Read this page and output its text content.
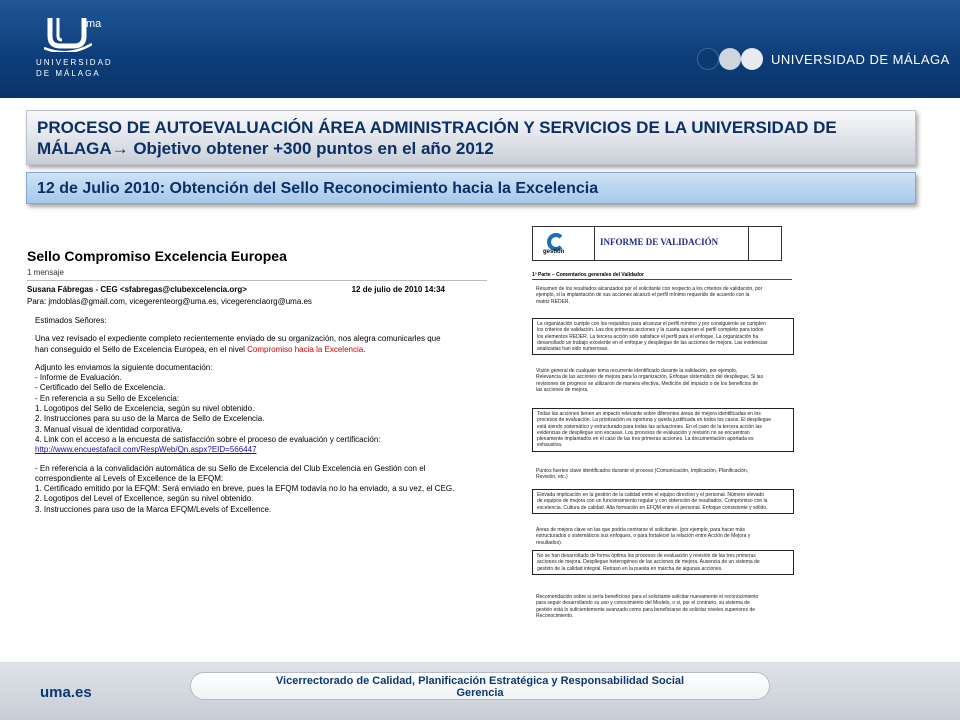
ma
UNIVERSIDAD
DE MÁLAGA
UNIVERSIDAD DE MÁLAGA
PROCESO DE AUTOEVALUACIÓN ÁREA ADMINISTRACIÓN Y SERVICIOS DE LA UNIVERSIDAD DE MÁLAGA→ Objetivo obtener +300 puntos en el año 2012
12 de Julio 2010: Obtención del Sello Reconocimiento hacia la Excelencia
Sello Compromiso Excelencia Europea
1 mensaje
Susana Fábregas - CEG <sfabregas@clubexcelencia.org>	12 de julio de 2010 14:34
Para: jmdoblas@gmail.com, vicegerenteorg@uma.es, vicegerenciaorg@uma.es
Estimados Señores:
Una vez revisado el expediente completo recientemente enviado de su organización, nos alegra comunicarles que han conseguido el Sello de Excelencia Europea, en el nivel Compromiso hacia la Excelencia.
Adjunto les enviamos la siguiente documentación:
- Informe de Evaluación.
- Certificado del Sello de Excelencia.
- En referencia a su Sello de Excelencia:
1. Logotipos del Sello de Excelencia, según su nivel obtenido.
2. Instrucciones para su uso de la Marca de Sello de Excelencia.
3. Manual visual de identidad corporativa.
4. Link con el acceso a la encuesta de satisfacción sobre el proceso de evaluación y certificación:
http://www.encuestafacil.com/RespWeb/Qn.aspx?EID=566447
- En referencia a la convalidación automática de su Sello de Excelencia del Club Excelencia en Gestión con el correspondiente al Levels of Excellence de la EFQM:
1. Certificado emitido por la EFQM: Será enviado en breve, pues la EFQM todavía no lo ha enviado, a su vez, el CEG.
2. Logotipos del Level of Excellence, según su nivel obtenido.
3. Instrucciones para uso de la Marca EFQM/Levels of Excellence.
gestión
INFORME DE VALIDACIÓN
1ª Parte – Comentarios generales del Validador
Resumen de los resultados alcanzados por el solicitante con respecto a los criterios de validación, por
ejemplo, si la implantación de sus acciones alcanzó el perfil mínimo requerido de acuerdo con la
matriz REDER.
La organización cumple con los requisitos para alcanzar el perfil mínimo y por consiguiente se cumplen
los criterios de validación. Las dos primeras acciones y la cuarta superan el perfil completo para todos
los elementos REDER. La tercera acción sólo satisface el perfil para el enfoque. La organización ha
desarrollado un trabajo excelente en el enfoque y despliegue de las acciones de mejora. Las evidencias
analizadas han sido numerosas.
Visión general de cualquier tema recurrente identificado durante la validación, por ejemplo,
Relevancia de las acciones de mejora para la organización, Enfoque sistemático del despliegue, Si las
revisiones de progreso se utilizaron de manera efectiva, Medición del impacto o de los beneficios de
las acciones de mejora.
Todas las acciones tienen un impacto relevante sobre diferentes áreas de mejora identificadas en los
procesos de evaluación. La priorización es oportuna y queda justificada en todos los casos. El despliegue
está siendo sistemático y estructurado para todas las actuaciones. En el caso de la tercera acción las
evidencias de despliegue son escasas. Los procesos de evaluación y revisión no se encuentran
plenamente implantados en el caso de las tres primeras acciones. La documentación aportada es
exhaustiva.
Puntos fuertes clave identificados durante el proceso (Comunicación, Implicación, Planificación,
Revisión, etc.)
Elevada implicación en la gestión de la calidad entre el equipo directivo y el personal. Número elevado
de equipos de mejora con un funcionamiento regular y con obtención de resultados. Compromiso con la
excelencia. Cultura de calidad. Alta formación en EFQM entre el personal. Enfoque consistente y sólido.
Áreas de mejora clave en las que podría centrarse el solicitante. (por ejemplo, para hacer más
estructurados o sistemáticos sus enfoques, o para fortalecer la relación entre Acción de Mejora y
resultados).
No se han desarrollado de forma óptima los procesos de evaluación y revisión de las tres primeras
acciones de mejora. Despliegue heterogéneo de las acciones de mejora. Ausencia de un sistema de
gestión de la calidad integral. Retraso en la puesta en marcha de algunas acciones.
Recomendación sobre si sería beneficioso para el solicitante solicitar nuevamente el reconocimiento
para seguir desarrollando su uso y conocimiento del Modelo, o si, por el contrario, su sistema de
gestión está lo suficientemente avanzado como para beneficiarse de solicitar niveles superiores de
Reconocimiento.
uma.es
Vicerrectorado de Calidad, Planificación Estratégica y Responsabilidad Social
Gerencia
